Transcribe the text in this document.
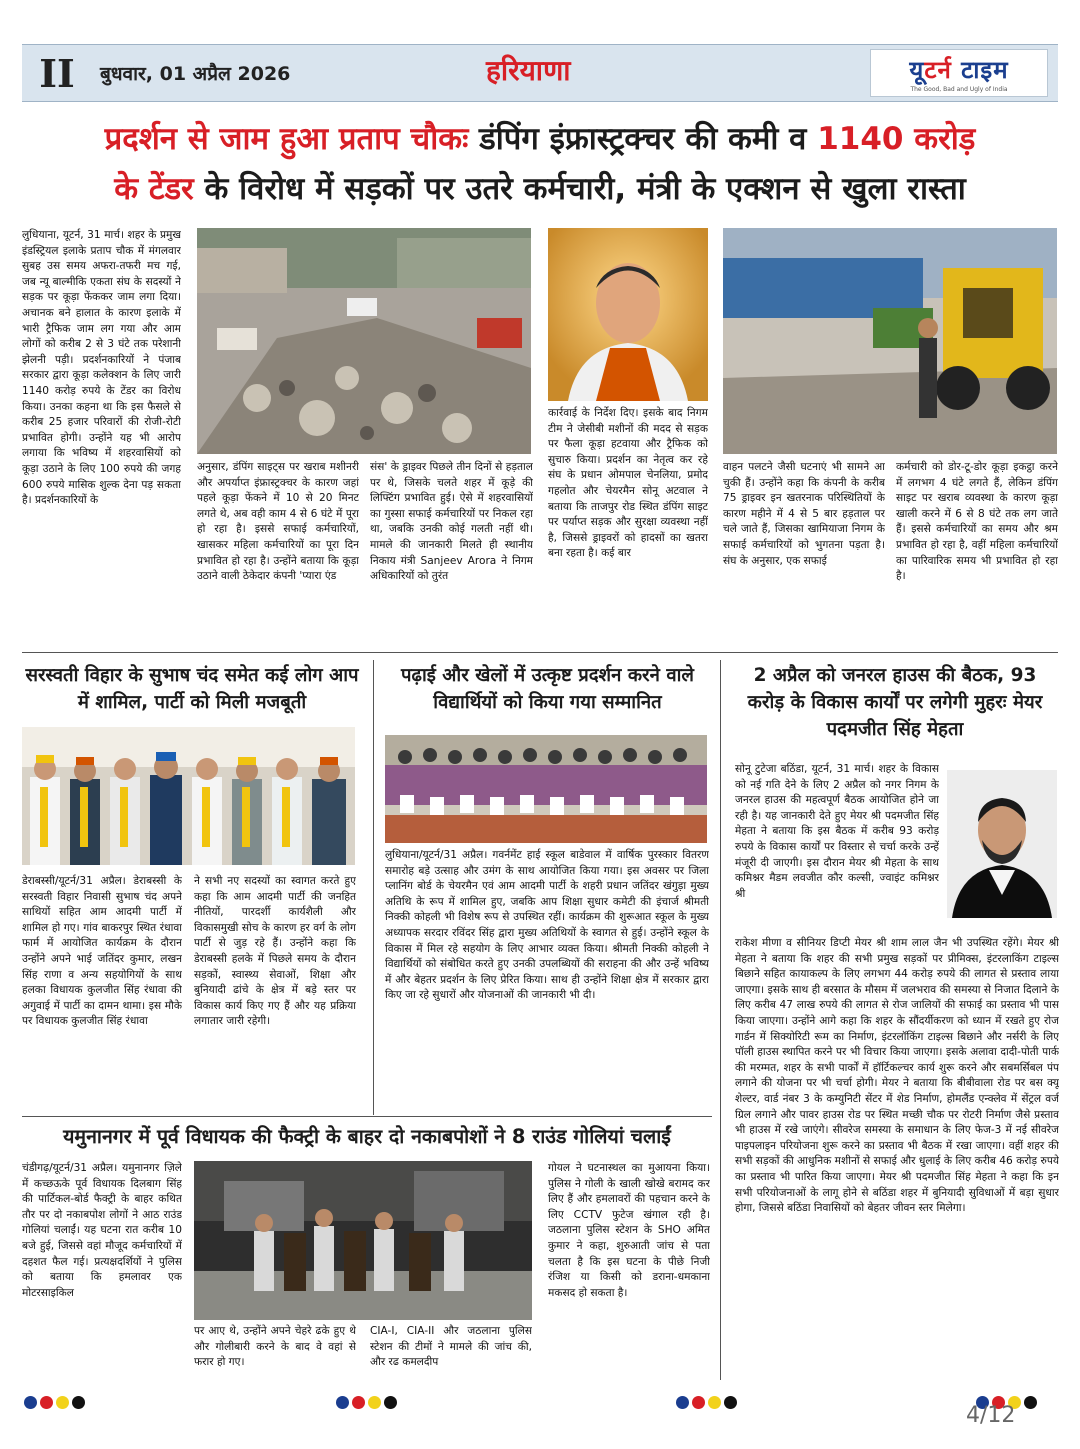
II	बुधवार, 01 अप्रैल 2026	हरियाणा	यूटर्न टाइम
The Good, Bad and Ugly of India
प्रदर्शन से जाम हुआ प्रताप चौकः डंपिंग इंफ्रास्ट्रक्चर की कमी व 1140 करोड़
के टेंडर के विरोध में सड़कों पर उतरे कर्मचारी, मंत्री के एक्शन से खुला रास्ता
लुधियाना, यूटर्न, 31 मार्च। शहर के प्रमुख इंडस्ट्रियल इलाके प्रताप चौक में मंगलवार सुबह उस समय अफरा-तफरी मच गई, जब न्यू बाल्मीकि एकता संघ के सदस्यों ने सड़क पर कूड़ा फेंककर जाम लगा दिया। अचानक बने हालात के कारण इलाके में भारी ट्रैफिक जाम लग गया और आम लोगों को करीब 2 से 3 घंटे तक परेशानी झेलनी पड़ी। प्रदर्शनकारियों ने पंजाब सरकार द्वारा कूड़ा कलेक्शन के लिए जारी 1140 करोड़ रुपये के टेंडर का विरोध किया। उनका कहना था कि इस फैसले से करीब 25 हजार परिवारों की रोजी-रोटी प्रभावित होगी। उन्होंने यह भी आरोप लगाया कि भविष्य में शहरवासियों को कूड़ा उठाने के लिए 100 रुपये की जगह 600 रुपये मासिक शुल्क देना पड़ सकता है। प्रदर्शनकारियों के
अनुसार, डंपिंग साइट्स पर खराब मशीनरी और अपर्याप्त इंफ्रास्ट्रक्चर के कारण जहां पहले कूड़ा फेंकने में 10 से 20 मिनट लगते थे, अब वही काम 4 से 6 घंटे में पूरा हो रहा है। इससे सफाई कर्मचारियों, खासकर महिला कर्मचारियों का पूरा दिन प्रभावित हो रहा है। उन्होंने बताया कि कूड़ा उठाने वाली ठेकेदार कंपनी 'प्यारा एंड
संस' के ड्राइवर पिछले तीन दिनों से हड़ताल पर थे, जिसके चलते शहर में कूड़े की लिफ्टिंग प्रभावित हुई। ऐसे में शहरवासियों का गुस्सा सफाई कर्मचारियों पर निकल रहा था, जबकि उनकी कोई गलती नहीं थी। मामले की जानकारी मिलते ही स्थानीय निकाय मंत्री Sanjeev Arora ने निगम अधिकारियों को तुरंत
कार्रवाई के निर्देश दिए। इसके बाद निगम टीम ने जेसीबी मशीनों की मदद से सड़क पर फैला कूड़ा हटवाया और ट्रैफिक को सुचारु किया। प्रदर्शन का नेतृत्व कर रहे संघ के प्रधान ओमपाल चेनलिया, प्रमोद गहलोत और चेयरमैन सोनू अटवाल ने बताया कि ताजपुर रोड स्थित डंपिंग साइट पर पर्याप्त सड़क और सुरक्षा व्यवस्था नहीं है, जिससे ड्राइवरों को हादसों का खतरा बना रहता है। कई बार
वाहन पलटने जैसी घटनाएं भी सामने आ चुकी हैं। उन्होंने कहा कि कंपनी के करीब 75 ड्राइवर इन खतरनाक परिस्थितियों के कारण महीने में 4 से 5 बार हड़ताल पर चले जाते हैं, जिसका खामियाजा निगम के सफाई कर्मचारियों को भुगतना पड़ता है। संघ के अनुसार, एक सफाई
कर्मचारी को डोर-टू-डोर कूड़ा इकट्ठा करने में लगभग 4 घंटे लगते हैं, लेकिन डंपिंग साइट पर खराब व्यवस्था के कारण कूड़ा खाली करने में 6 से 8 घंटे तक लग जाते हैं। इससे कर्मचारियों का समय और श्रम प्रभावित हो रहा है, वहीं महिला कर्मचारियों का पारिवारिक समय भी प्रभावित हो रहा है।
सरस्वती विहार के सुभाष चंद समेत कई लोग आप में शामिल, पार्टी को मिली मजबूती
डेराबस्सी/यूटर्न/31 अप्रैल। डेराबस्सी के सरस्वती विहार निवासी सुभाष चंद अपने साथियों सहित आम आदमी पार्टी में शामिल हो गए। गांव बाकरपुर स्थित रंधावा फार्म में आयोजित कार्यक्रम के दौरान उन्होंने अपने भाई जतिंदर कुमार, लखन सिंह राणा व अन्य सहयोगियों के साथ हलका विधायक कुलजीत सिंह रंधावा की अगुवाई में पार्टी का दामन थामा। इस मौके पर विधायक कुलजीत सिंह रंधावा
ने सभी नए सदस्यों का स्वागत करते हुए कहा कि आम आदमी पार्टी की जनहित नीतियों, पारदर्शी कार्यशैली और विकासमुखी सोच के कारण हर वर्ग के लोग पार्टी से जुड़ रहे हैं। उन्होंने कहा कि डेराबस्सी हलके में पिछले समय के दौरान सड़कों, स्वास्थ्य सेवाओं, शिक्षा और बुनियादी ढांचे के क्षेत्र में बड़े स्तर पर विकास कार्य किए गए हैं और यह प्रक्रिया लगातार जारी रहेगी।
पढ़ाई और खेलों में उत्कृष्ट प्रदर्शन करने वाले विद्यार्थियों को किया गया सम्मानित
लुधियाना/यूटर्न/31 अप्रैल। गवर्नमेंट हाई स्कूल बाडेवाल में वार्षिक पुरस्कार वितरण समारोह बड़े उत्साह और उमंग के साथ आयोजित किया गया। इस अवसर पर जिला प्लानिंग बोर्ड के चेयरमैन एवं आम आदमी पार्टी के शहरी प्रधान जतिंदर खंगुड़ा मुख्य अतिथि के रूप में शामिल हुए, जबकि आप शिक्षा सुधार कमेटी की इंचार्ज श्रीमती निक्की कोहली भी विशेष रूप से उपस्थित रहीं। कार्यक्रम की शुरूआत स्कूल के मुख्य अध्यापक सरदार रविंदर सिंह द्वारा मुख्य अतिथियों के स्वागत से हुई। उन्होंने स्कूल के विकास में मिल रहे सहयोग के लिए आभार व्यक्त किया। श्रीमती निक्की कोहली ने विद्यार्थियों को संबोधित करते हुए उनकी उपलब्धियों की सराहना की और उन्हें भविष्य में और बेहतर प्रदर्शन के लिए प्रेरित किया। साथ ही उन्होंने शिक्षा क्षेत्र में सरकार द्वारा किए जा रहे सुधारों और योजनाओं की जानकारी भी दी।
2 अप्रैल को जनरल हाउस की बैठक, 93 करोड़ के विकास कार्यों पर लगेगी मुहरः मेयर पदमजीत सिंह मेहता
सोनू टुटेजा बठिंडा, यूटर्न, 31 मार्च। शहर के विकास को नई गति देने के लिए 2 अप्रैल को नगर निगम के जनरल हाउस की महत्वपूर्ण बैठक आयोजित होने जा रही है। यह जानकारी देते हुए मेयर श्री पदमजीत सिंह मेहता ने बताया कि इस बैठक में करीब 93 करोड़ रुपये के विकास कार्यों पर विस्तार से चर्चा करके उन्हें मंजूरी दी जाएगी। इस दौरान मेयर श्री मेहता के साथ कमिश्नर मैडम लवजीत कौर कल्सी, ज्वाइंट कमिश्नर श्री
राकेश मीणा व सीनियर डिप्टी मेयर श्री शाम लाल जैन भी उपस्थित रहेंगे। मेयर श्री मेहता ने बताया कि शहर की सभी प्रमुख सड़कों पर प्रीमिक्स, इंटरलाकिंग टाइल्स बिछाने सहित कायाकल्प के लिए लगभग 44 करोड़ रुपये की लागत से प्रस्ताव लाया जाएगा। इसके साथ ही बरसात के मौसम में जलभराव की समस्या से निजात दिलाने के लिए करीब 47 लाख रुपये की लागत से रोज जालियों की सफाई का प्रस्ताव भी पास किया जाएगा। उन्होंने आगे कहा कि शहर के सौंदर्यीकरण को ध्यान में रखते हुए रोज गार्डन में सिक्योरिटी रूम का निर्माण, इंटरलॉकिंग टाइल्स बिछाने और नर्सरी के लिए पॉली हाउस स्थापित करने पर भी विचार किया जाएगा। इसके अलावा दादी-पोती पार्क की मरम्मत, शहर के सभी पार्कों में हॉर्टिकल्चर कार्य शुरू करने और सबमर्सिबल पंप लगाने की योजना पर भी चर्चा होगी। मेयर ने बताया कि बीबीवाला रोड पर बस क्यू शेल्टर, वार्ड नंबर 3 के कम्युनिटी सेंटर में शेड निर्माण, होमलैंड एन्क्लेव में सेंट्रल वर्ज ग्रिल लगाने और पावर हाउस रोड पर स्थित मच्छी चौक पर रोटरी निर्माण जैसे प्रस्ताव भी हाउस में रखे जाएंगे। सीवरेज समस्या के समाधान के लिए फेज-3 में नई सीवरेज पाइपलाइन परियोजना शुरू करने का प्रस्ताव भी बैठक में रखा जाएगा। वहीं शहर की सभी सड़कों की आधुनिक मशीनों से सफाई और धुलाई के लिए करीब 46 करोड़ रुपये का प्रस्ताव भी पारित किया जाएगा। मेयर श्री पदमजीत सिंह मेहता ने कहा कि इन सभी परियोजनाओं के लागू होने से बठिंडा शहर में बुनियादी सुविधाओं में बड़ा सुधार होगा, जिससे बठिंडा निवासियों को बेहतर जीवन स्तर मिलेगा।
यमुनानगर में पूर्व विधायक की फैक्ट्री के बाहर दो नकाबपोशों ने 8 राउंड गोलियां चलाईं
चंडीगढ़/यूटर्न/31 अप्रैल। यमुनानगर ज़िले में कच्छऊके पूर्व विधायक दिलबाग सिंह की पार्टिकल-बोर्ड फैक्ट्री के बाहर कथित तौर पर दो नकाबपोश लोगों ने आठ राउंड गोलियां चलाईं। यह घटना रात करीब 10 बजे हुई, जिससे वहां मौजूद कर्मचारियों में दहशत फैल गई। प्रत्यक्षदर्शियों ने पुलिस को बताया कि हमलावर एक मोटरसाइकिल
पर आए थे, उन्होंने अपने चेहरे ढके हुए थे और गोलीबारी करने के बाद वे वहां से फरार हो गए।
CIA-I, CIA-II और जठलाना पुलिस स्टेशन की टीमों ने मामले की जांच की, और रढ कमलदीप
गोयल ने घटनास्थल का मुआयना किया। पुलिस ने गोली के खाली खोखे बरामद कर लिए हैं और हमलावरों की पहचान करने के लिए CCTV फुटेज खंगाल रही है। जठलाना पुलिस स्टेशन के SHO अमित कुमार ने कहा, शुरुआती जांच से पता चलता है कि इस घटना के पीछे निजी रंजिश या किसी को डराना-धमकाना मकसद हो सकता है।
4/12
